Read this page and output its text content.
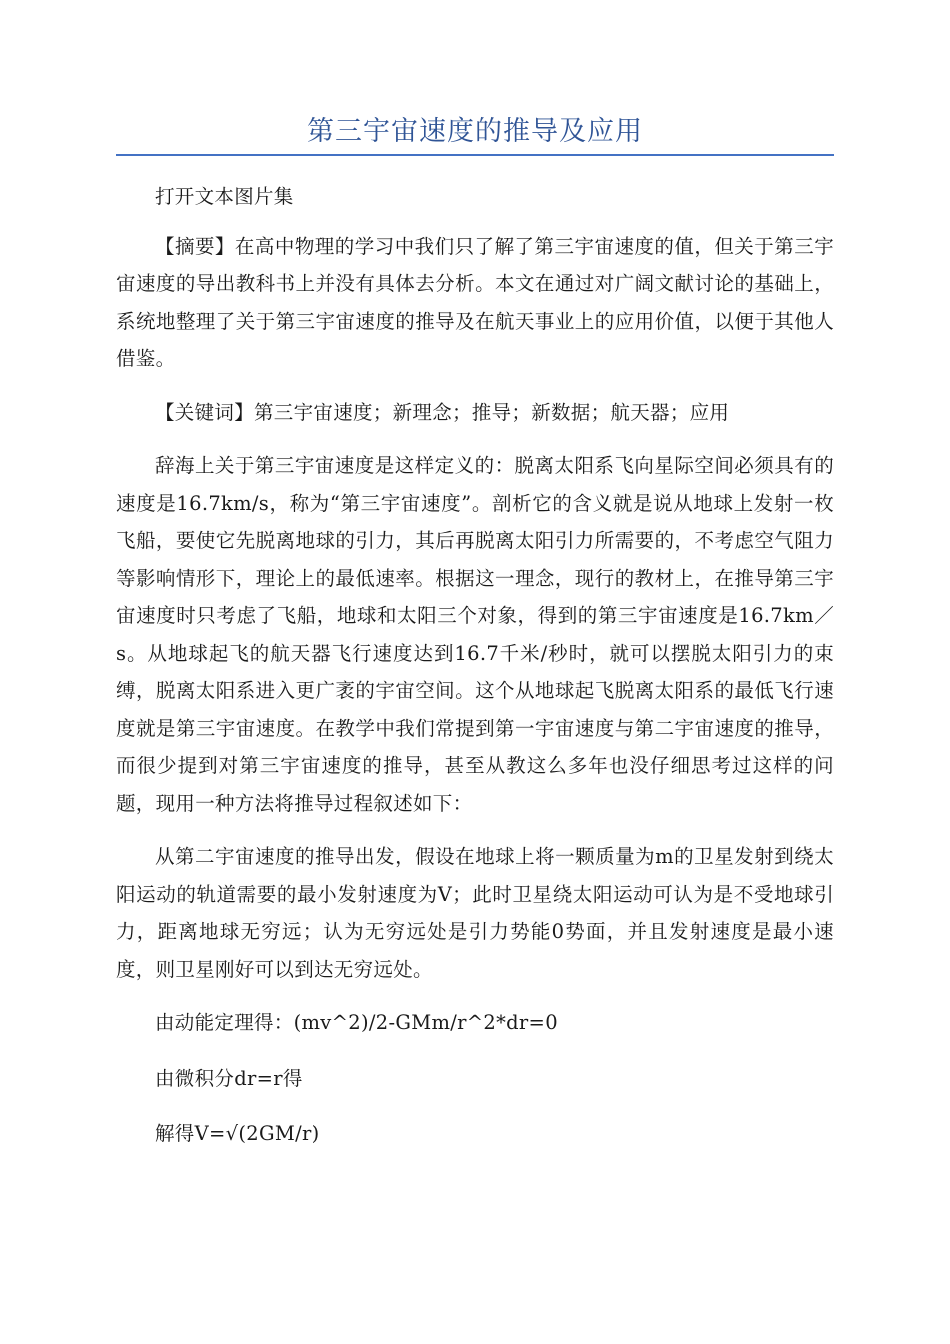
第三宇宙速度的推导及应用

打开文本图片集

【摘要】在高中物理的学习中我们只了解了第三宇宙速度的值，但关于第三宇宙速度的导出教科书上并没有具体去分析。本文在通过对广阔文献讨论的基础上，系统地整理了关于第三宇宙速度的推导及在航天事业上的应用价值，以便于其他人借鉴。

【关键词】第三宇宙速度；新理念；推导；新数据；航天器；应用

辞海上关于第三宇宙速度是这样定义的：脱离太阳系飞向星际空间必须具有的速度是16.7km/s，称为“第三宇宙速度”。剖析它的含义就是说从地球上发射一枚飞船，要使它先脱离地球的引力，其后再脱离太阳引力所需要的，不考虑空气阻力等影响情形下，理论上的最低速率。根据这一理念，现行的教材上，在推导第三宇宙速度时只考虑了飞船，地球和太阳三个对象，得到的第三宇宙速度是16.7km／s。从地球起飞的航天器飞行速度达到16.7千米/秒时，就可以摆脱太阳引力的束缚，脱离太阳系进入更广袤的宇宙空间。这个从地球起飞脱离太阳系的最低飞行速度就是第三宇宙速度。在教学中我们常提到第一宇宙速度与第二宇宙速度的推导，而很少提到对第三宇宙速度的推导，甚至从教这么多年也没仔细思考过这样的问题，现用一种方法将推导过程叙述如下：

从第二宇宙速度的推导出发，假设在地球上将一颗质量为m的卫星发射到绕太阳运动的轨道需要的最小发射速度为V；此时卫星绕太阳运动可认为是不受地球引力，距离地球无穷远；认为无穷远处是引力势能0势面，并且发射速度是最小速度，则卫星刚好可以到达无穷远处。

由动能定理得：(mv^2)/2-GMm/r^2*dr=0

由微积分dr=r得

解得V=√(2GM/r)
